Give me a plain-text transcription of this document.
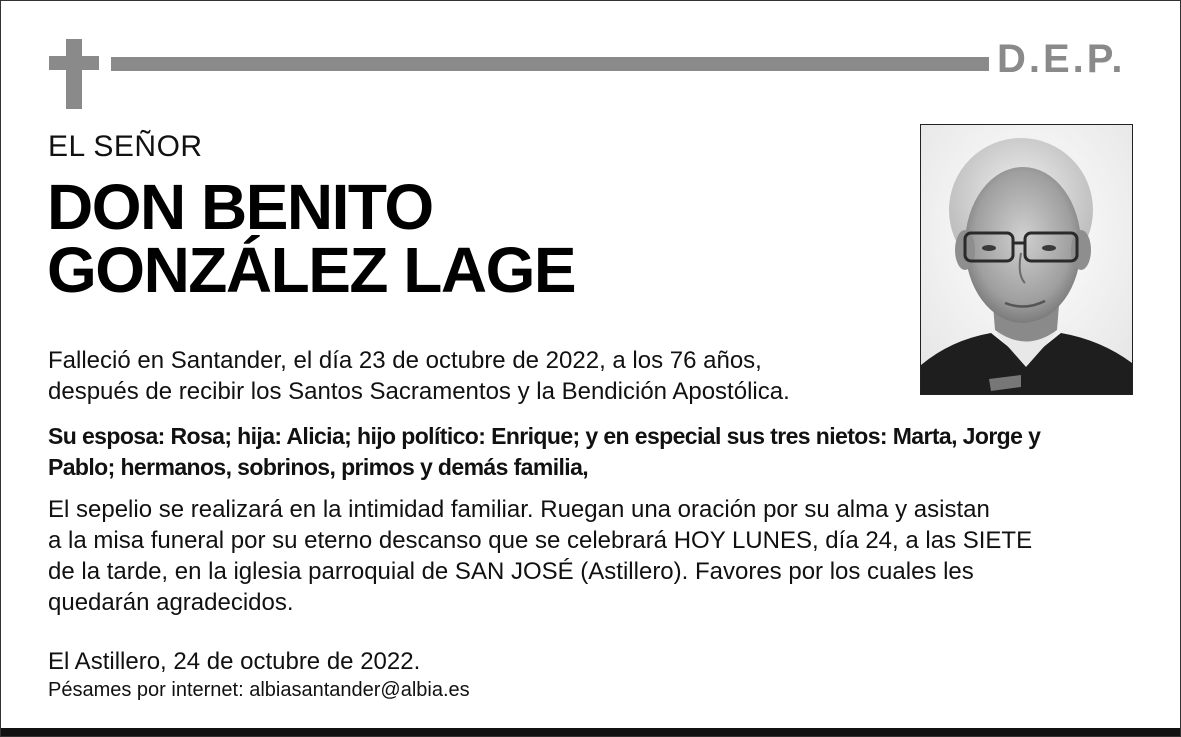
D.E.P.
EL SEÑOR
DON BENITO
GONZÁLEZ LAGE
Falleció en Santander, el día 23 de octubre de 2022, a los 76 años,
después de recibir los Santos Sacramentos y la Bendición Apostólica.
Su esposa: Rosa; hija: Alicia; hijo político: Enrique; y en especial sus tres nietos: Marta, Jorge y
Pablo; hermanos, sobrinos, primos y demás familia,
El sepelio se realizará en la intimidad familiar. Ruegan una oración por su alma y asistan
a la misa funeral por su eterno descanso que se celebrará HOY LUNES, día 24, a las SIETE
de la tarde, en la iglesia parroquial de SAN JOSÉ (Astillero). Favores por los cuales les
quedarán agradecidos.
El Astillero, 24 de octubre de 2022.
Pésames por internet: albiasantander@albia.es
